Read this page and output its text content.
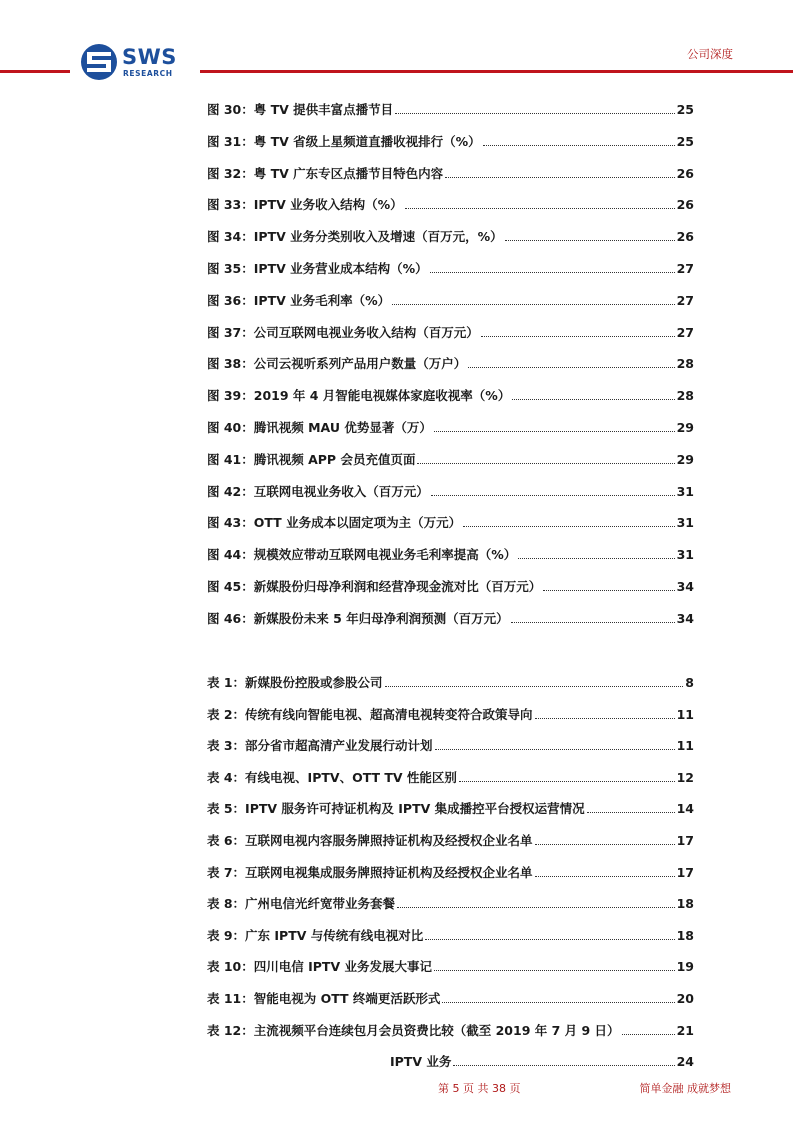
SWS
RESEARCH
公司深度
图 30：粤 TV 提供丰富点播节目	25
图 31：粤 TV 省级上星频道直播收视排行（%）	25
图 32：粤 TV 广东专区点播节目特色内容	26
图 33：IPTV 业务收入结构（%）	26
图 34：IPTV 业务分类别收入及增速（百万元，%）	26
图 35：IPTV 业务营业成本结构（%）	27
图 36：IPTV 业务毛利率（%）	27
图 37：公司互联网电视业务收入结构（百万元）	27
图 38：公司云视听系列产品用户数量（万户）	28
图 39：2019 年 4 月智能电视媒体家庭收视率（%）	28
图 40：腾讯视频 MAU 优势显著（万）	29
图 41：腾讯视频 APP 会员充值页面	29
图 42：互联网电视业务收入（百万元）	31
图 43：OTT 业务成本以固定项为主（万元）	31
图 44：规模效应带动互联网电视业务毛利率提高（%）	31
图 45：新媒股份归母净利润和经营净现金流对比（百万元）	34
图 46：新媒股份未来 5 年归母净利润预测（百万元）	34
表 1：新媒股份控股或参股公司	8
表 2：传统有线向智能电视、超高清电视转变符合政策导向	11
表 3：部分省市超高清产业发展行动计划	11
表 4：有线电视、IPTV、OTT TV 性能区别	12
表 5：IPTV 服务许可持证机构及 IPTV 集成播控平台授权运营情况	14
表 6：互联网电视内容服务牌照持证机构及经授权企业名单	17
表 7：互联网电视集成服务牌照持证机构及经授权企业名单	17
表 8：广州电信光纤宽带业务套餐	18
表 9：广东 IPTV 与传统有线电视对比	18
表 10：四川电信 IPTV 业务发展大事记	19
表 11：智能电视为 OTT 终端更活跃形式	20
表 12：主流视频平台连续包月会员资费比较（截至 2019 年 7 月 9 日）	21
IPTV 业务	24
第 5 页 共 38 页	简单金融 成就梦想
